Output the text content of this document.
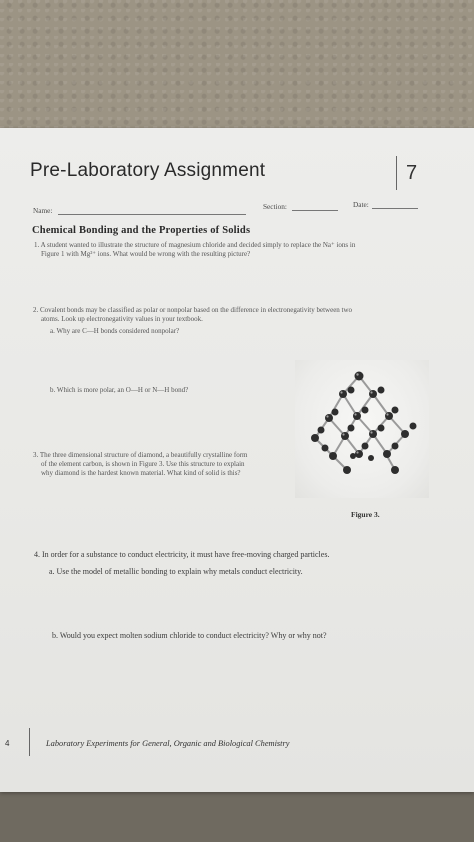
Pre-Laboratory Assignment	7
Name:	Section:	Date:
Chemical Bonding and the Properties of Solids
1. A student wanted to illustrate the structure of magnesium chloride and decided simply to replace the Na⁺ ions in
Figure 1 with Mg²⁺ ions. What would be wrong with the resulting picture?
2. Covalent bonds may be classified as polar or nonpolar based on the difference in electronegativity between two
atoms. Look up electronegativity values in your textbook.
a. Why are C—H bonds considered nonpolar?
b. Which is more polar, an O—H or N—H bond?
3. The three dimensional structure of diamond, a beautifully crystalline form
of the element carbon, is shown in Figure 3. Use this structure to explain
why diamond is the hardest known material. What kind of solid is this?
Figure 3.
4. In order for a substance to conduct electricity, it must have free-moving charged particles.
a. Use the model of metallic bonding to explain why metals conduct electricity.
b. Would you expect molten sodium chloride to conduct electricity? Why or why not?
4	Laboratory Experiments for General, Organic and Biological Chemistry
